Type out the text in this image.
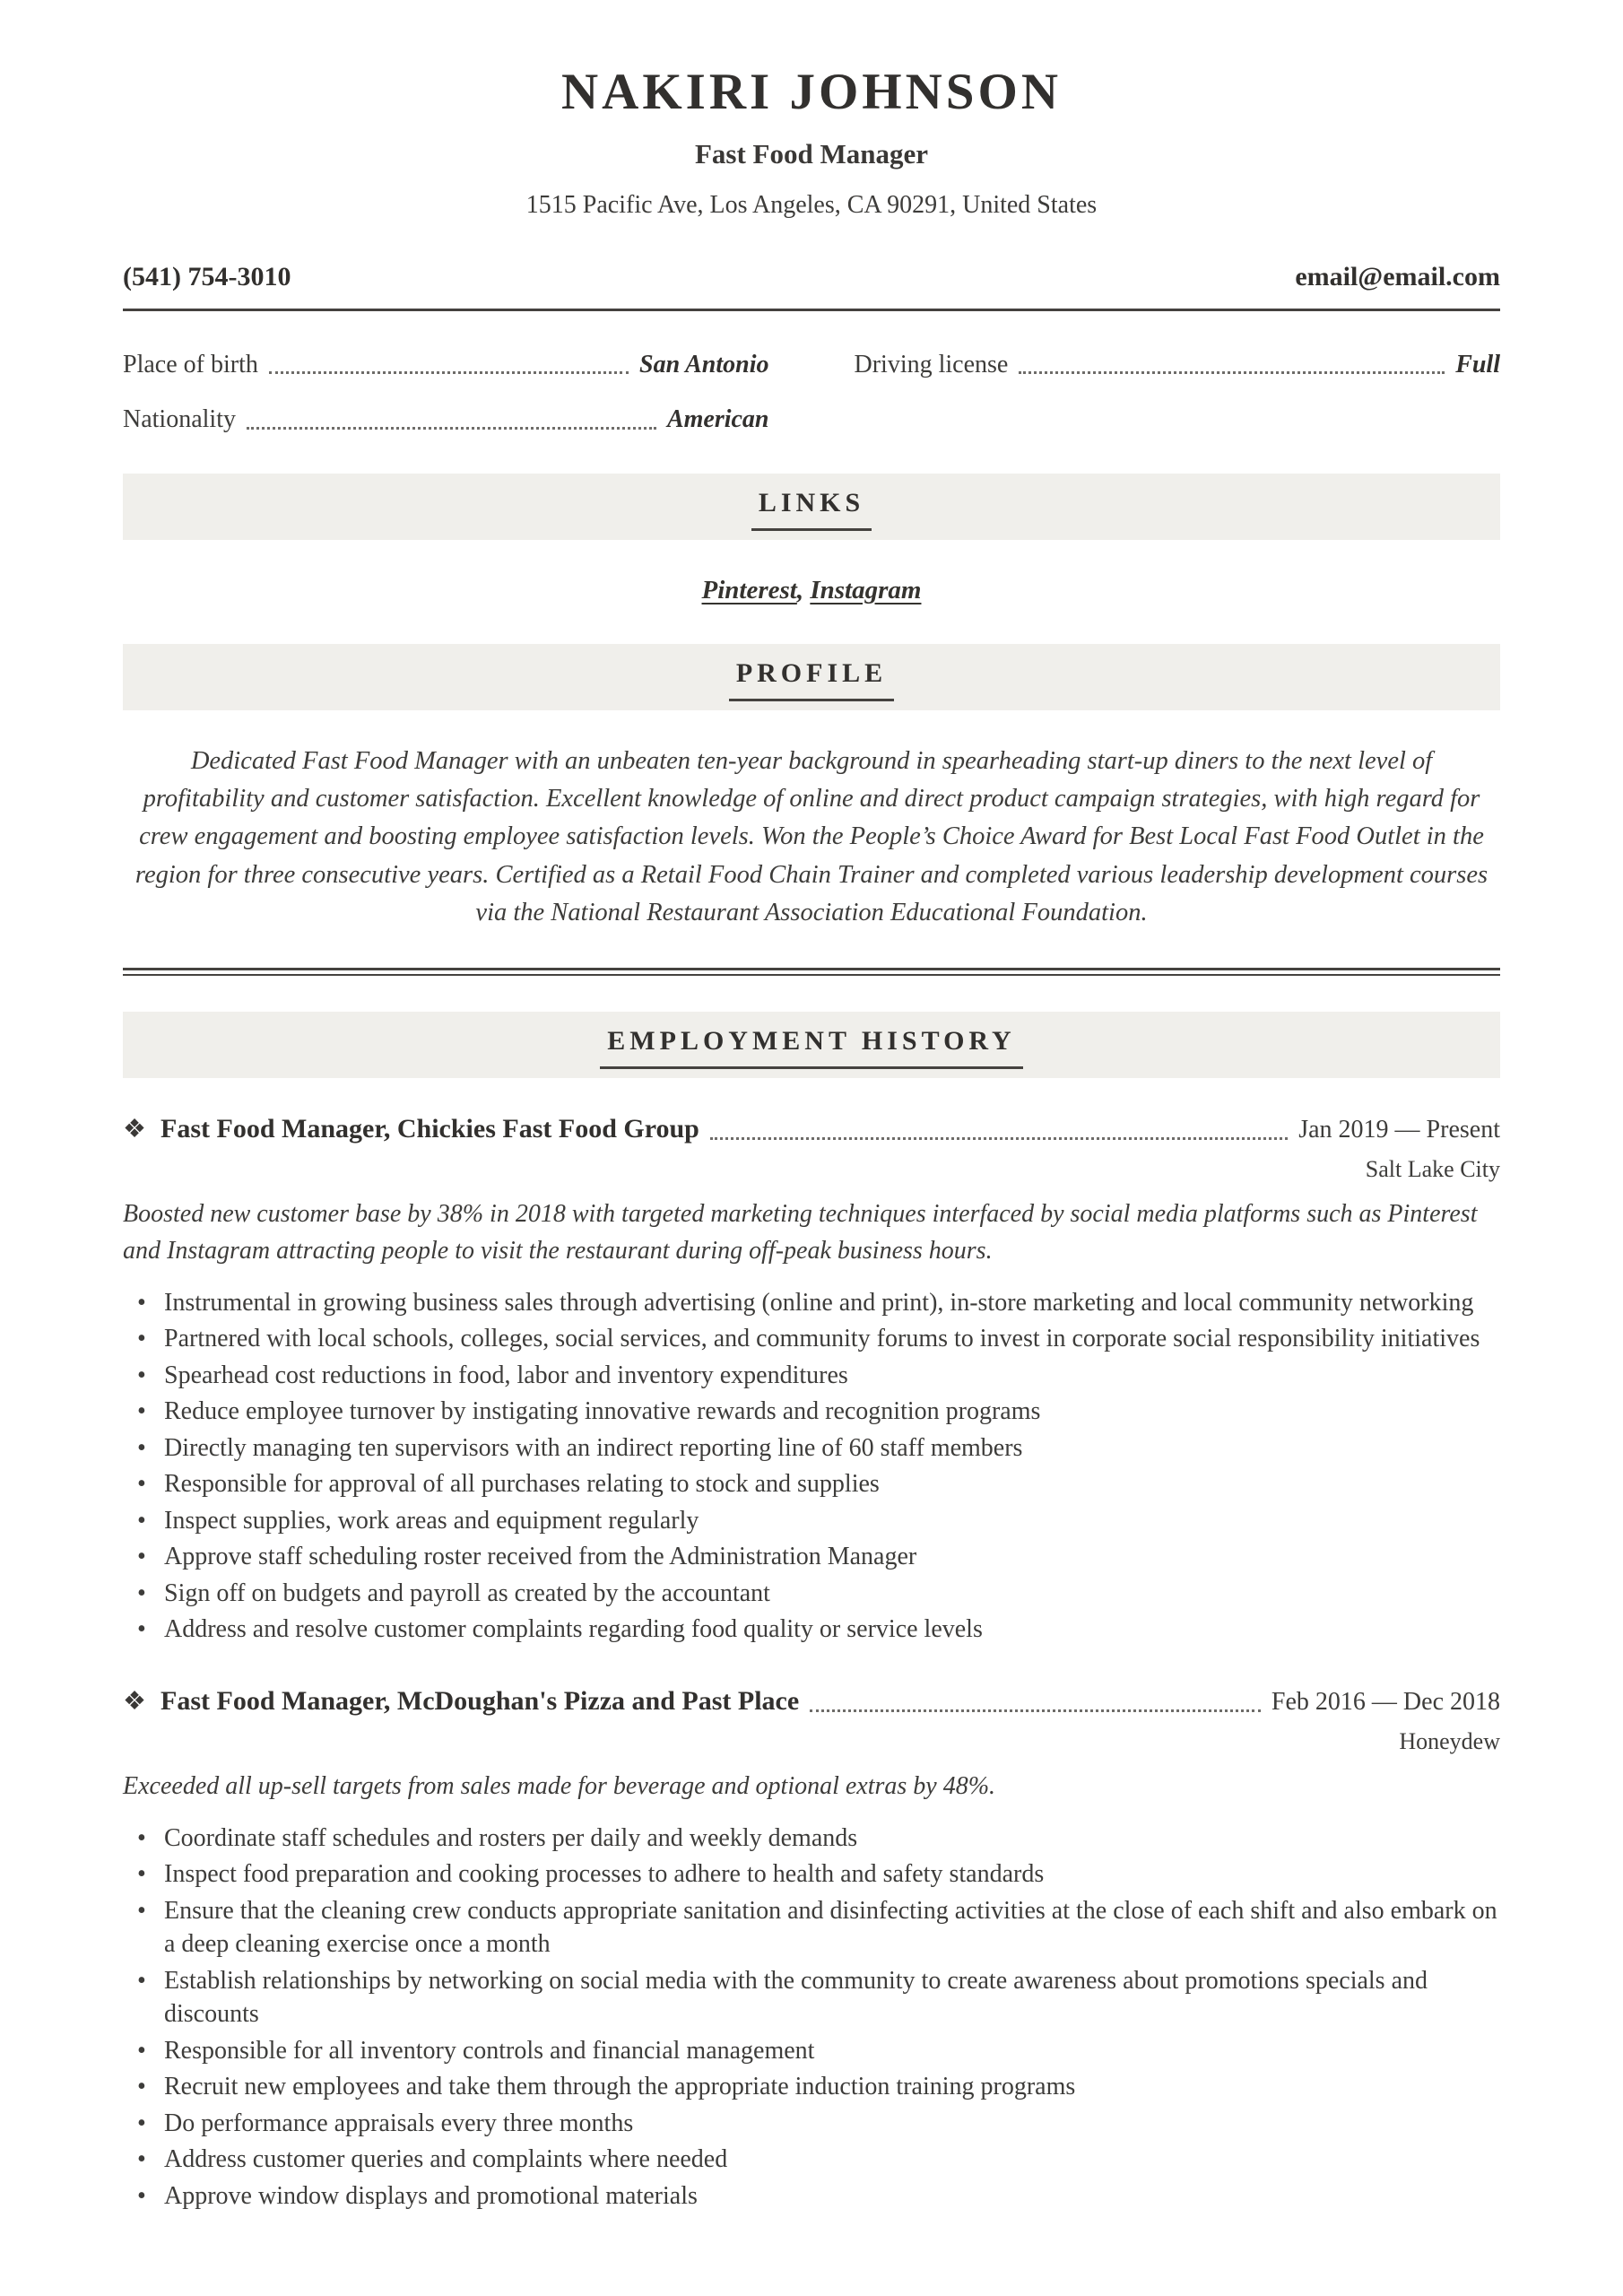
NAKIRI JOHNSON
Fast Food Manager
1515 Pacific Ave, Los Angeles, CA 90291, United States
(541) 754-3010	email@email.com
Place of birth	San Antonio	Driving license	Full
Nationality	American
LINKS
Pinterest, Instagram
PROFILE

Dedicated Fast Food Manager with an unbeaten ten-year background in spearheading start-up diners to the next level of profitability and customer satisfaction. Excellent knowledge of online and direct product campaign strategies, with high regard for crew engagement and boosting employee satisfaction levels. Won the People’s Choice Award for Best Local Fast Food Outlet in the region for three consecutive years. Certified as a Retail Food Chain Trainer and completed various leadership development courses via the National Restaurant Association Educational Foundation.

EMPLOYMENT HISTORY
❖ Fast Food Manager, Chickies Fast Food Group	Jan 2019 — Present
Salt Lake City

Boosted new customer base by 38% in 2018 with targeted marketing techniques interfaced by social media platforms such as Pinterest and Instagram attracting people to visit the restaurant during off-peak business hours.

• Instrumental in growing business sales through advertising (online and print), in-store marketing and local community networking
• Partnered with local schools, colleges, social services, and community forums to invest in corporate social responsibility initiatives
• Spearhead cost reductions in food, labor and inventory expenditures
• Reduce employee turnover by instigating innovative rewards and recognition programs
• Directly managing ten supervisors with an indirect reporting line of 60 staff members
• Responsible for approval of all purchases relating to stock and supplies
• Inspect supplies, work areas and equipment regularly
• Approve staff scheduling roster received from the Administration Manager
• Sign off on budgets and payroll as created by the accountant
• Address and resolve customer complaints regarding food quality or service levels
❖ Fast Food Manager, McDoughan's Pizza and Past Place	Feb 2016 — Dec 2018
Honeydew

Exceeded all up-sell targets from sales made for beverage and optional extras by 48%.

• Coordinate staff schedules and rosters per daily and weekly demands
• Inspect food preparation and cooking processes to adhere to health and safety standards
• Ensure that the cleaning crew conducts appropriate sanitation and disinfecting activities at the close of each shift and also embark on a deep cleaning exercise once a month
• Establish relationships by networking on social media with the community to create awareness about promotions specials and discounts
• Responsible for all inventory controls and financial management
• Recruit new employees and take them through the appropriate induction training programs
• Do performance appraisals every three months
• Address customer queries and complaints where needed
• Approve window displays and promotional materials
